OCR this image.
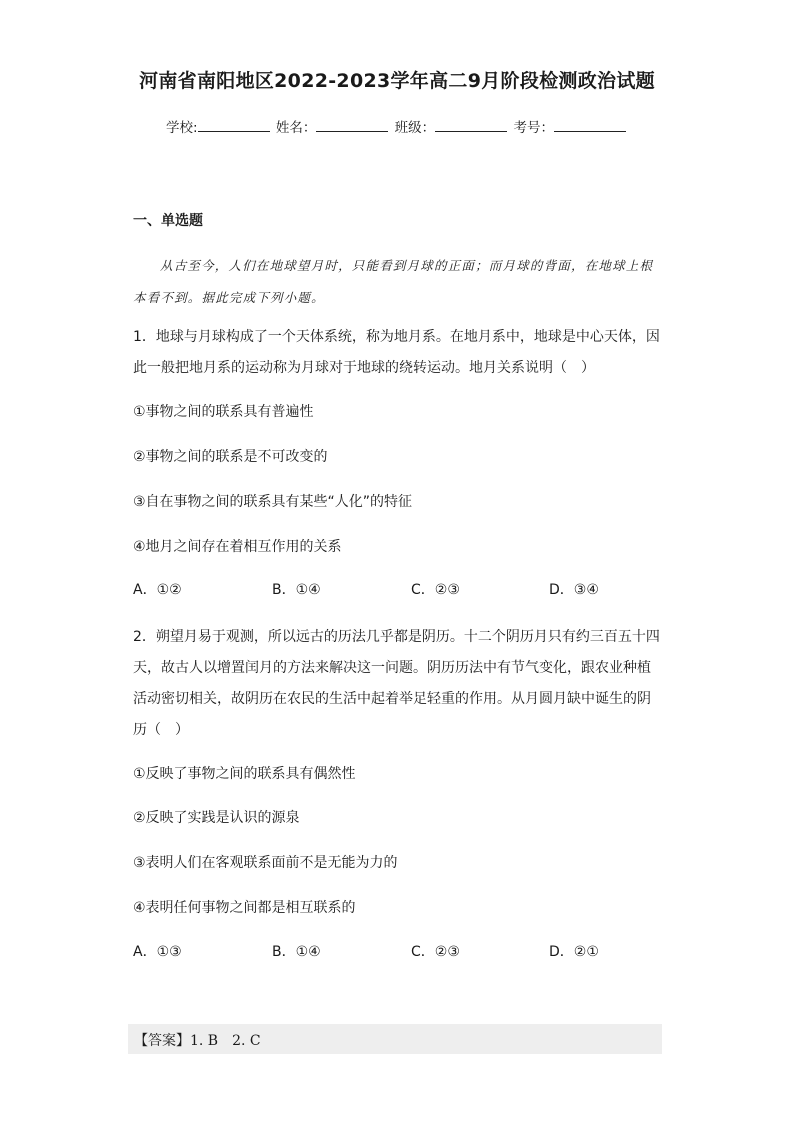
河南省南阳地区2022-2023学年高二9月阶段检测政治试题
学校:	姓名：	班级：	考号：
一、单选题
从古至今，人们在地球望月时，只能看到月球的正面；而月球的背面，在地球上根本看不到。据此完成下列小题。
1．地球与月球构成了一个天体系统，称为地月系。在地月系中，地球是中心天体，因此一般把地月系的运动称为月球对于地球的绕转运动。地月关系说明（　）
①事物之间的联系具有普遍性
②事物之间的联系是不可改变的
③自在事物之间的联系具有某些“人化”的特征
④地月之间存在着相互作用的关系
A．①②	B．①④	C．②③	D．③④
2．朔望月易于观测，所以远古的历法几乎都是阴历。十二个阴历月只有约三百五十四天，故古人以增置闰月的方法来解决这一问题。阴历历法中有节气变化，跟农业种植活动密切相关，故阴历在农民的生活中起着举足轻重的作用。从月圆月缺中诞生的阴历（　）
①反映了事物之间的联系具有偶然性
②反映了实践是认识的源泉
③表明人们在客观联系面前不是无能为力的
④表明任何事物之间都是相互联系的
A．①③	B．①④	C．②③	D．②①
【答案】1. B　2. C
